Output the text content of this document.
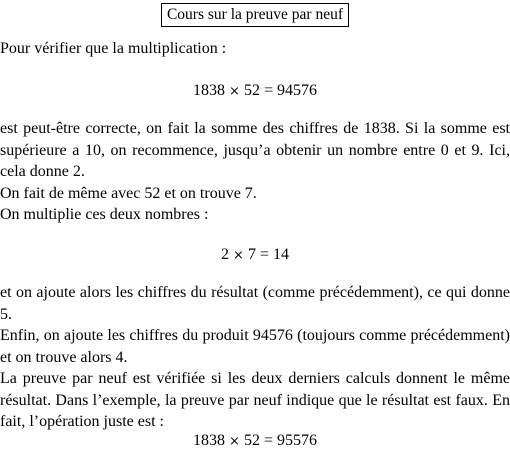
Cours sur la preuve par neuf

Pour vérifier que la multiplication :

1838 × 52 = 94576

est peut-être correcte, on fait la somme des chiffres de 1838. Si la somme est supérieure a 10, on recommence, jusqu’a obtenir un nombre entre 0 et 9. Ici, cela donne 2.

On fait de même avec 52 et on trouve 7.

On multiplie ces deux nombres :

2 × 7 = 14

et on ajoute alors les chiffres du résultat (comme précédemment), ce qui donne 5.

Enfin, on ajoute les chiffres du produit 94576 (toujours comme précédemment) et on trouve alors 4.

La preuve par neuf est vérifiée si les deux derniers calculs donnent le même résultat. Dans l’exemple, la preuve par neuf indique que le résultat est faux. En fait, l’opération juste est :

1838 × 52 = 95576
